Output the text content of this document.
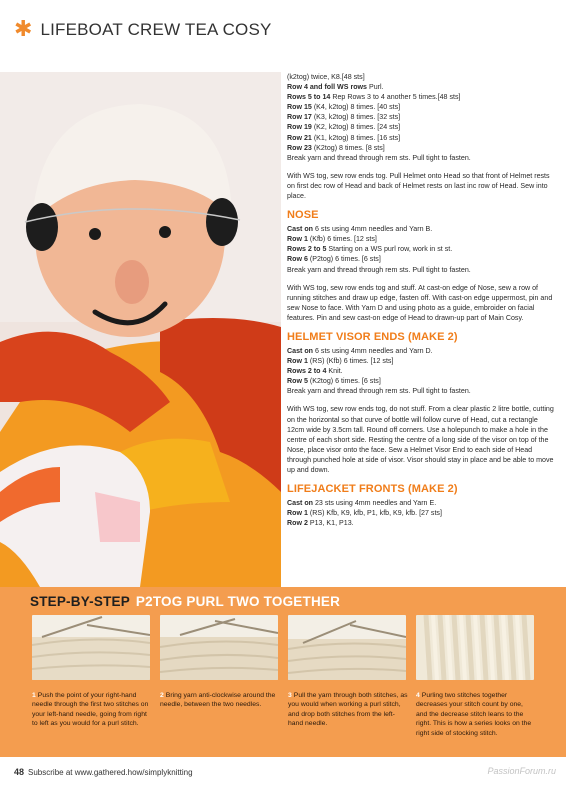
✱ LIFEBOAT CREW TEA COSY

(k2tog) twice, K8.[48 sts]

Row 4 and foll WS rows Purl.

Rows 5 to 14 Rep Rows 3 to 4 another 5 times.[48 sts]

Row 15 (K4, k2tog) 8 times. [40 sts]

Row 17 (K3, k2tog) 8 times. [32 sts]

Row 19 (K2, k2tog) 8 times. [24 sts]

Row 21 (K1, k2tog) 8 times. [16 sts]

Row 23 (K2tog) 8 times. [8 sts]

Break yarn and thread through rem sts. Pull tight to fasten.

With WS tog, sew row ends tog. Pull Helmet onto Head so that front of Helmet rests on first dec row of Head and back of Helmet rests on last inc row of Head. Sew into place.

NOSE

Cast on 6 sts using 4mm needles and Yarn B.

Row 1 (Kfb) 6 times. [12 sts]

Rows 2 to 5 Starting on a WS purl row, work in st st.

Row 6 (P2tog) 6 times. [6 sts]

Break yarn and thread through rem sts. Pull tight to fasten.

With WS tog, sew row ends tog and stuff. At cast-on edge of Nose, sew a row of running stitches and draw up edge, fasten off. With cast-on edge uppermost, pin and sew Nose to face. With Yarn D and using photo as a guide, embroider on facial features. Pin and sew cast-on edge of Head to drawn-up part of Main Cosy.

HELMET VISOR ENDS (MAKE 2)

Cast on 6 sts using 4mm needles and Yarn D.

Row 1 (RS) (Kfb) 6 times. [12 sts]

Rows 2 to 4 Knit.

Row 5 (K2tog) 6 times. [6 sts]

Break yarn and thread through rem sts. Pull tight to fasten.

With WS tog, sew row ends tog, do not stuff. From a clear plastic 2 litre bottle, cutting on the horizontal so that curve of bottle will follow curve of Head, cut a rectangle 12cm wide by 3.5cm tall. Round off corners. Use a holepunch to make a hole in the centre of each short side. Resting the centre of a long side of the visor on top of the Nose, place visor onto the face. Sew a Helmet Visor End to each side of Head through punched hole at side of visor. Visor should stay in place and be able to move up and down.

LIFEJACKET FRONTS (MAKE 2)

Cast on 23 sts using 4mm needles and Yarn E.

Row 1 (RS) Kfb, K9, kfb, P1, kfb, K9, kfb. [27 sts]

Row 2 P13, K1, P13.

STEP-BY-STEP P2TOG PURL TWO TOGETHER
1 Push the point of your right-hand needle through the first two stitches on your left-hand needle, going from right to left as you would for a purl stitch.
2 Bring yarn anti-clockwise around the needle, between the two needles.
3 Pull the yarn through both stitches, as you would when working a purl stitch, and drop both stitches from the left-hand needle.
4 Purling two stitches together decreases your stitch count by one, and the decrease stitch leans to the right. This is how a series looks on the right side of stocking stitch.
48 Subscribe at www.gathered.how/simplyknitting	PassionForum.ru
